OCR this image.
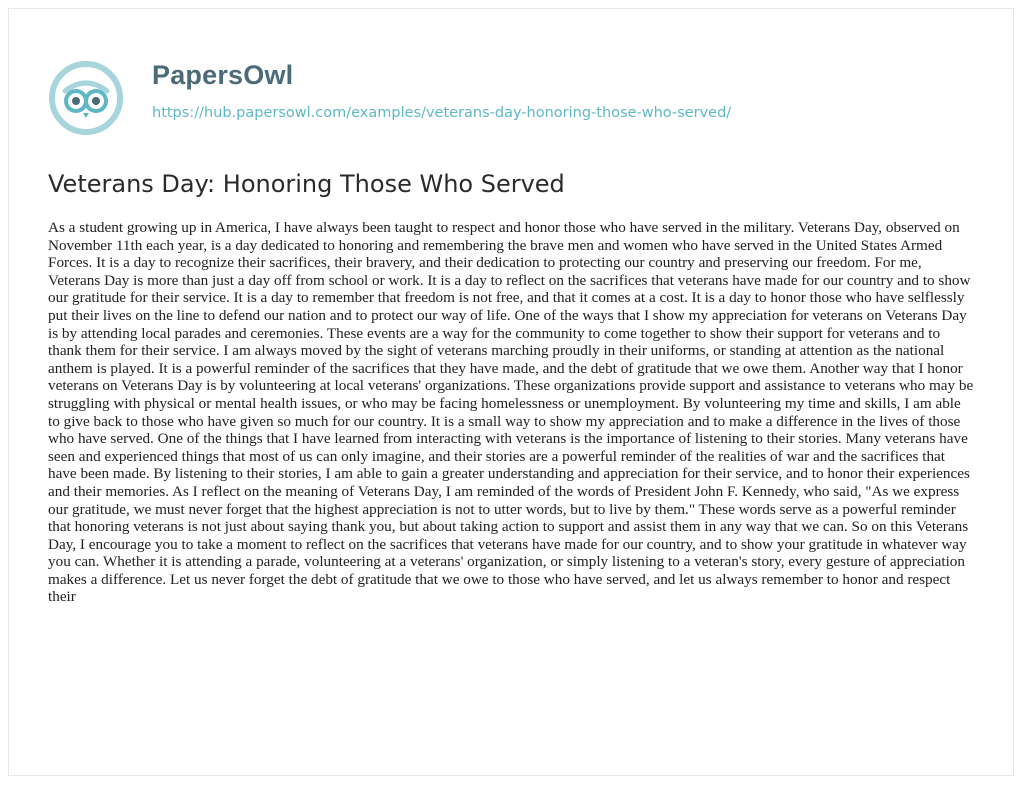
PapersOwl
https://hub.papersowl.com/examples/veterans-day-honoring-those-who-served/
Veterans Day: Honoring Those Who Served

As a student growing up in America, I have always been taught to respect and honor those who have served in the military. Veterans Day, observed on November 11th each year, is a day dedicated to honoring and remembering the brave men and women who have served in the United States Armed Forces. It is a day to recognize their sacrifices, their bravery, and their dedication to protecting our country and preserving our freedom. For me, Veterans Day is more than just a day off from school or work. It is a day to reflect on the sacrifices that veterans have made for our country and to show our gratitude for their service. It is a day to remember that freedom is not free, and that it comes at a cost. It is a day to honor those who have selflessly put their lives on the line to defend our nation and to protect our way of life. One of the ways that I show my appreciation for veterans on Veterans Day is by attending local parades and ceremonies. These events are a way for the community to come together to show their support for veterans and to thank them for their service. I am always moved by the sight of veterans marching proudly in their uniforms, or standing at attention as the national anthem is played. It is a powerful reminder of the sacrifices that they have made, and the debt of gratitude that we owe them. Another way that I honor veterans on Veterans Day is by volunteering at local veterans' organizations. These organizations provide support and assistance to veterans who may be struggling with physical or mental health issues, or who may be facing homelessness or unemployment. By volunteering my time and skills, I am able to give back to those who have given so much for our country. It is a small way to show my appreciation and to make a difference in the lives of those who have served. One of the things that I have learned from interacting with veterans is the importance of listening to their stories. Many veterans have seen and experienced things that most of us can only imagine, and their stories are a powerful reminder of the realities of war and the sacrifices that have been made. By listening to their stories, I am able to gain a greater understanding and appreciation for their service, and to honor their experiences and their memories. As I reflect on the meaning of Veterans Day, I am reminded of the words of President John F. Kennedy, who said, "As we express our gratitude, we must never forget that the highest appreciation is not to utter words, but to live by them." These words serve as a powerful reminder that honoring veterans is not just about saying thank you, but about taking action to support and assist them in any way that we can. So on this Veterans Day, I encourage you to take a moment to reflect on the sacrifices that veterans have made for our country, and to show your gratitude in whatever way you can. Whether it is attending a parade, volunteering at a veterans' organization, or simply listening to a veteran's story, every gesture of appreciation makes a difference. Let us never forget the debt of gratitude that we owe to those who have served, and let us always remember to honor and respect their
